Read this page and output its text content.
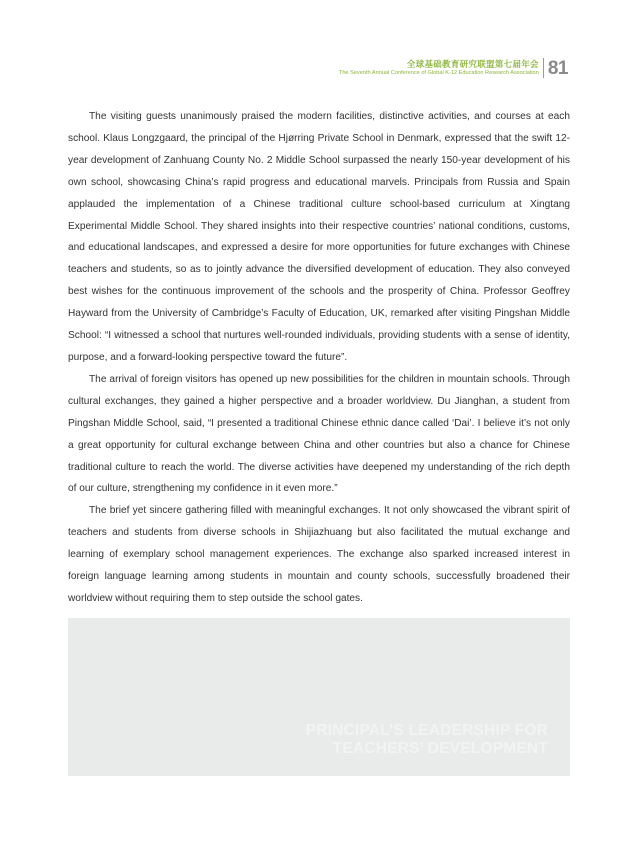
全球基础教育研究联盟第七届年会
The Seventh Annual Conference of Global K-12 Education Research Association 81

The visiting guests unanimously praised the modern facilities, distinctive activities, and courses at each school. Klaus Longzgaard, the principal of the Hjørring Private School in Denmark, expressed that the swift 12-year development of Zanhuang County No. 2 Middle School surpassed the nearly 150-year development of his own school, showcasing China’s rapid progress and educational marvels. Principals from Russia and Spain applauded the implementation of a Chinese traditional culture school-based curriculum at Xingtang Experimental Middle School. They shared insights into their respective countries’ national conditions, customs, and educational landscapes, and expressed a desire for more opportunities for future exchanges with Chinese teachers and students, so as to jointly advance the diversified development of education. They also conveyed best wishes for the continuous improvement of the schools and the prosperity of China. Professor Geoffrey Hayward from the University of Cambridge’s Faculty of Education, UK, remarked after visiting Pingshan Middle School: “I witnessed a school that nurtures well-rounded individuals, providing students with a sense of identity, purpose, and a forward-looking perspective toward the future”.

The arrival of foreign visitors has opened up new possibilities for the children in mountain schools. Through cultural exchanges, they gained a higher perspective and a broader worldview. Du Jianghan, a student from Pingshan Middle School, said, “I presented a traditional Chinese ethnic dance called ‘Dai’. I believe it’s not only a great opportunity for cultural exchange between China and other countries but also a chance for Chinese traditional culture to reach the world. The diverse activities have deepened my understanding of the rich depth of our culture, strengthening my confidence in it even more.”

The brief yet sincere gathering filled with meaningful exchanges. It not only showcased the vibrant spirit of teachers and students from diverse schools in Shijiazhuang but also facilitated the mutual exchange and learning of exemplary school management experiences. The exchange also sparked increased interest in foreign language learning among students in mountain and county schools, successfully broadened their worldview without requiring them to step outside the school gates.

PRINCIPAL’S LEADERSHIP FOR
TEACHERS’ DEVELOPMENT
